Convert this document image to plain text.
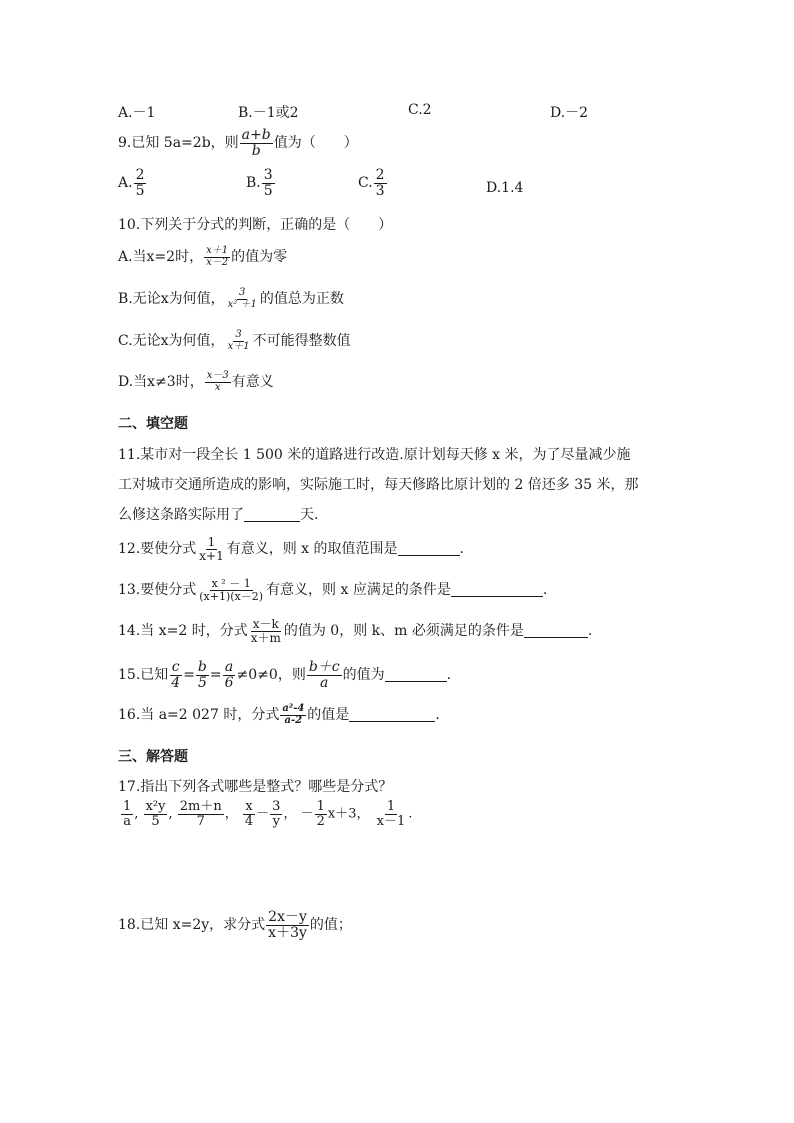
A.－1	B.－1或2	C.2	D.－2
9.已知 5a=2b，则 $\frac{a+b}{b}$ 值为（　　）
A. $\frac{2}{5}$	B. $\frac{3}{5}$	C. $\frac{2}{3}$	D.1.4
10.下列关于分式的判断，正确的是（　　）
A.当x=2时， $\frac{x+1}{x-2}$ 的值为零
B.无论x为何值， $\frac{3}{\text{x² ＋1}}$ 的值总为正数
C.无论x为何值， $\frac{3}{x+1}$ 不可能得整数值
D.当x≠3时， $\frac{x-3}{x}$ 有意义
二、填空题
11.某市对一段全长 1 500 米的道路进行改造.原计划每天修 x 米，为了尽量减少施
工对城市交通所造成的影响，实际施工时，每天修路比原计划的 2 倍还多 35 米，那
么修这条路实际用了	天.
12.要使分式 $\frac{1}{x+1}$ 有意义，则 x 的取值范围是	.
13.要使分式 $\frac{\text{x ² － 1}}{(x+1)(x-2)}$ 有意义，则 x 应满足的条件是	.
14.当 x=2 时，分式 $\frac{x-k}{x+m}$ 的值为 0，则 k、m 必须满足的条件是	.
15.已知 $\frac{c}{4} = \frac{b}{5} = \frac{a}{6} \ne 0\ne 0$，则 $\frac{b+c}{a}$ 的值为	.
16.当 a=2 027 时，分式 $\frac{\text{a²-4}}{a-2}$ 的值是	.
三、解答题
17.指出下列各式哪些是整式？哪些是分式？
$\frac{1}{a}$ , $\frac{\text{x²y}}{5}$ , $\frac{2m+n}{7}$ ， $\frac{x}{4} - \frac{3}{y}$ ， － $\frac{1}{2} x+3$， $\frac{1}{x-1}$ .
18.已知 x=2y，求分式 $\frac{2x-y}{x+3y}$ 的值；
